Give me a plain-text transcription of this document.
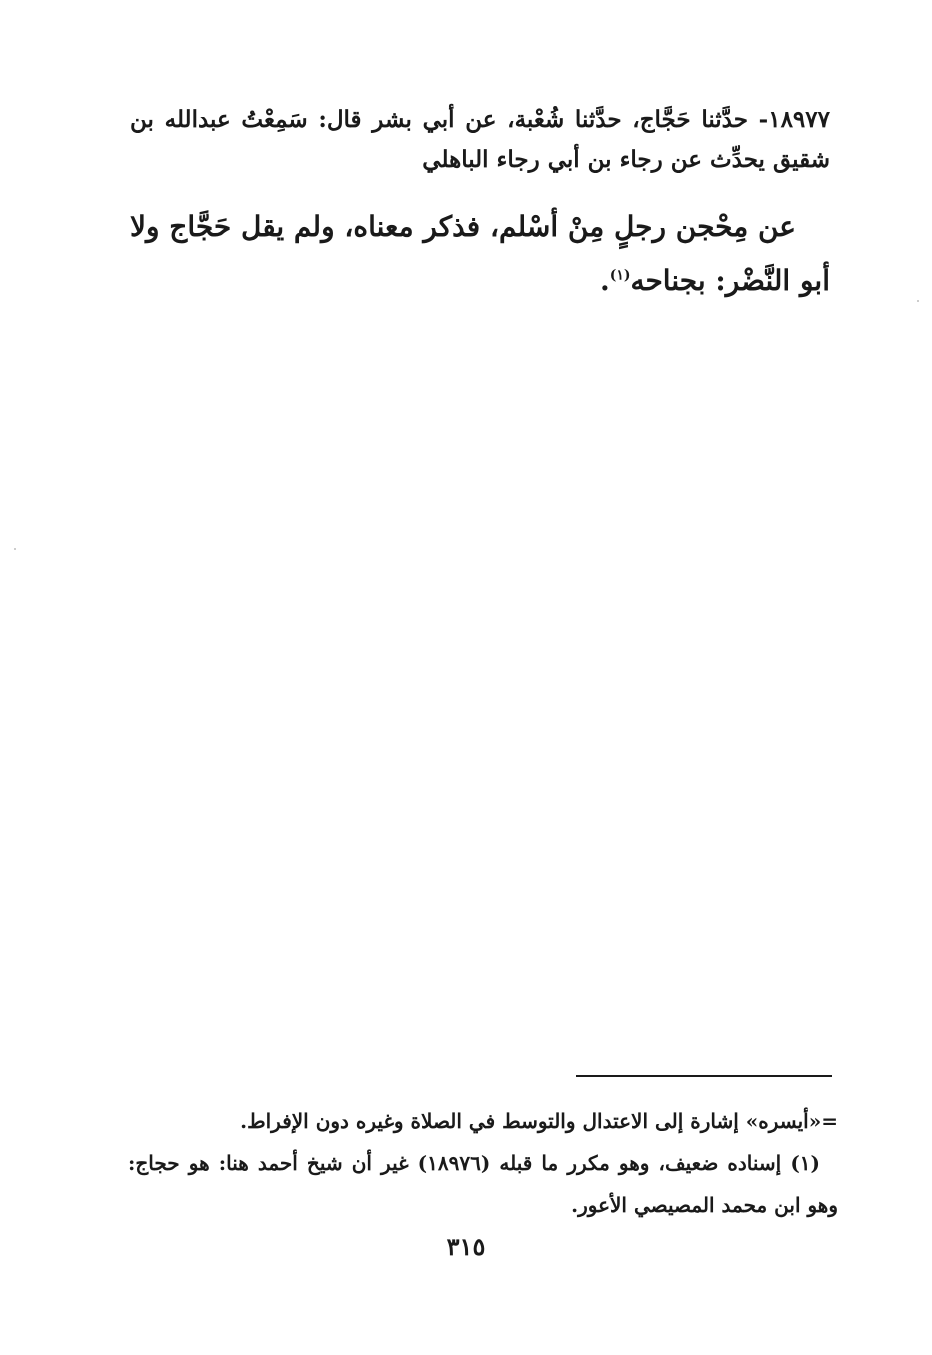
١٨٩٧٧- حدَّثنا حَجَّاج، حدَّثنا شُعْبة، عن أبي بشر قال: سَمِعْتُ عبدالله بن شقيق يحدِّث عن رجاء بن أبي رجاء الباهلي
عن مِحْجن رجلٍ مِنْ أسْلم، فذكر معناه، ولم يقل حَجَّاج ولا أبو النَّضْر: بجناحه$^{(١)}$.
=«أيسره» إشارة إلى الاعتدال والتوسط في الصلاة وغيره دون الإفراط.
(١) إسناده ضعيف، وهو مكرر ما قبله (١٨٩٧٦) غير أن شيخ أحمد هنا: هو حجاج: وهو ابن محمد المصيصي الأعور.
٣١٥
